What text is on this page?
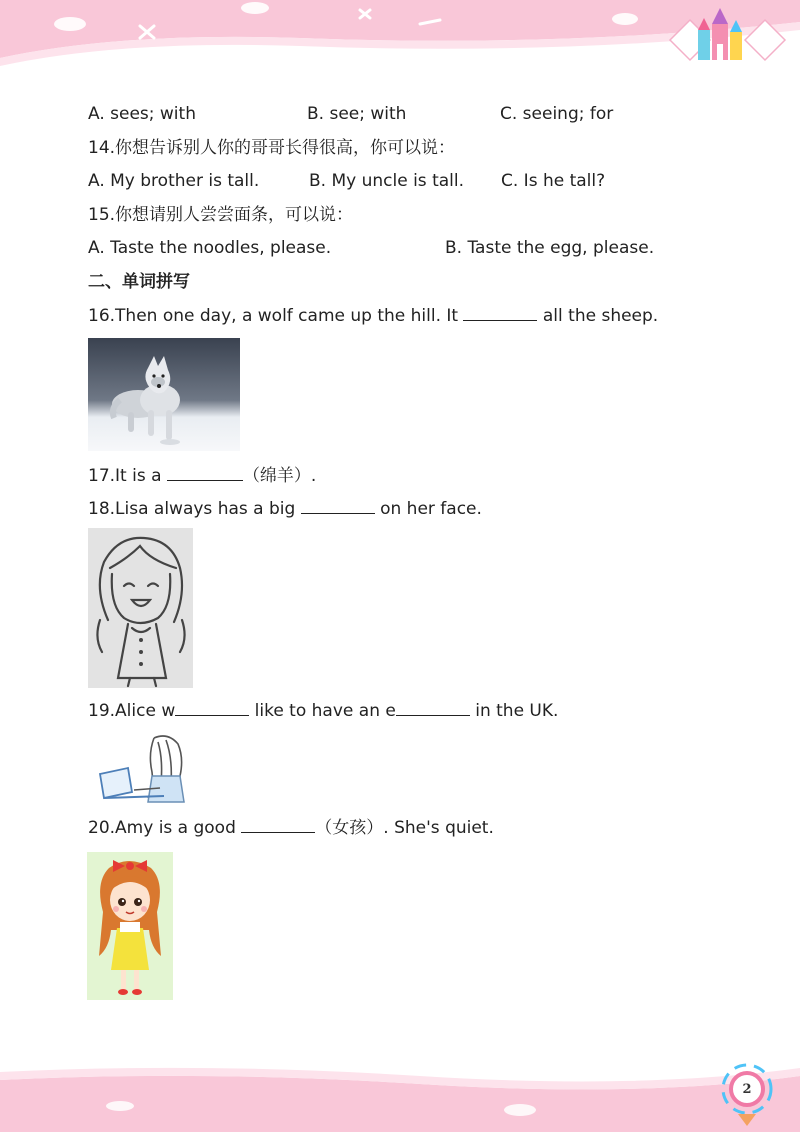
A. sees; with	B. see; with	C. seeing; for
14.你想告诉别人你的哥哥长得很高，你可以说：
A. My brother is tall.	B. My uncle is tall. C. Is he tall?
15.你想请别人尝尝面条，可以说：
A. Taste the noodles, please.	B. Taste the egg, please.
二、单词拼写
16.Then one day, a wolf came up the hill. It	all the sheep.
17.It is a	（绵羊）.
18.Lisa always has a big	on her face.
19.Alice w	like to have an e	in the UK.
20.Amy is a good	（女孩）. She's quiet.
2
